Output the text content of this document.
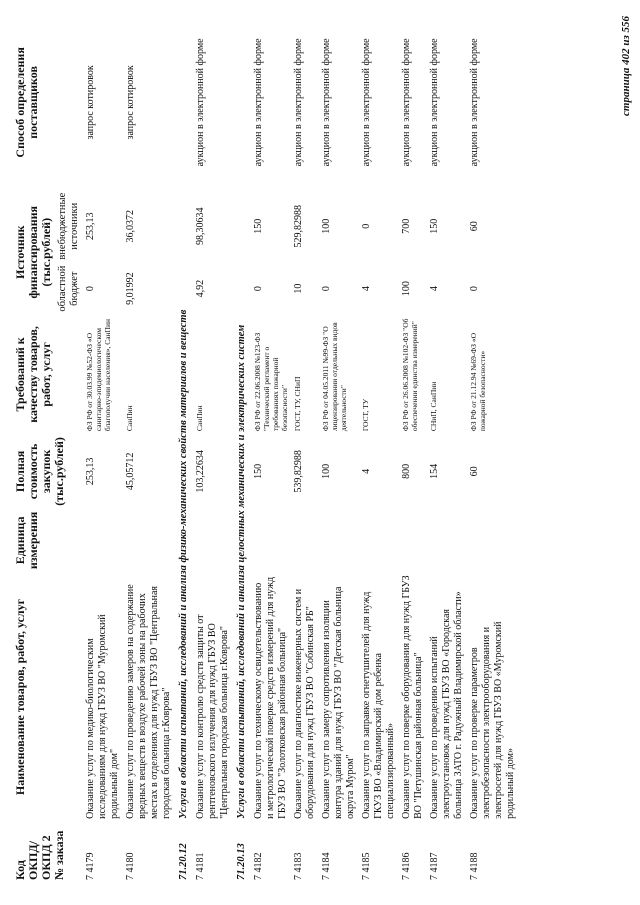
Код ОКПД/ ОКПД 2 № заказа	Наименование товаров, работ, услуг	Единица измерения	Полная стоимость закупок (тыс.рублей)	Требований к качеству товаров, работ, услуг	Источник финансирования (тыс.рублей)		Способ определения поставщиков
					областной бюджет	внебюджетные источники	
7 4179	Оказание услуг по медико-биологическим исследованиям для нужд ГБУЗ ВО "Муромский родильный дом"		253,13	ФЗ РФ от 30.03.99 №52-ФЗ «О санитарно-эпидемиологическом благополучии населения», СанПин	0	253,13	запрос котировок
7 4180	Оказание услуг по проведению замеров на содержание вредных веществ в воздухе рабочей зоны на рабочих местах в отделениях для нужд ГБУЗ ВО "Центральная городская больница г.Коврова"		45,05712	СанПин	9,01992	36,0372	запрос котировок
71.20.12	Услуги в области испытаний, исследований и анализа физико-механических свойств материалов и веществ						
7 4181	Оказание услуг по контролю средств защиты от рентгеновского излучения для нужд ГБУЗ ВО "Центральная городская больница г.Коврова"		103,22634	СанПин	4,92	98,30634	аукцион в электронной форме
71.20.13	Услуги в области испытаний, исследований и анализа целостных механических и электрических систем						
7 4182	Оказание услуг по техническому освидетельствованию и метрологической поверке средств измерений для нужд ГБУЗ ВО "Золотковская районная больница"		150	ФЗ РФ от 22.06.2008 №123-ФЗ "Технический регламент о требованиях пожарной безопасности"	0	150	аукцион в электронной форме
7 4183	Оказание услуг по диагностике инженерных систем и оборудования для нужд ГБУЗ ВО "Собинская РБ"		539,82988	ГОСТ, ТУ, СНиП	10	529,82988	аукцион в электронной форме
7 4184	Оказание услуг по замеру сопротивления изоляции контура зданий для нужд ГБУЗ ВО "Детская больница округа Муром"		100	ФЗ РФ от 04.05.2011 №99-ФЗ "О лицензировании отдельных видов деятельности"	0	100	аукцион в электронной форме
7 4185	Оказание услуг по заправке огнетушителей для нужд ГКУЗ ВО «Владимирский дом ребенка специализированный»		4	ГОСТ, ТУ	4	0	аукцион в электронной форме
7 4186	Оказание услуг по поверке оборудования для нужд ГБУЗ ВО "Петушинская районная больница"		800	ФЗ РФ от 26.06.2008 №102-ФЗ "Об обеспечении единства измерений"	100	700	аукцион в электронной форме
7 4187	Оказание услуг по проведению испытаний электроустановок для нужд ГБУЗ ВО «Городская больница ЗАТО г. Радужный Владимирской области»		154	СНиП, СанПин	4	150	аукцион в электронной форме
7 4188	Оказание услуг по проверке параметров электробезопасности электрооборудования и электросетей для нужд ГБУЗ ВО «Муромский родильный дом»		60	ФЗ РФ от 21.12.94 №69-ФЗ «О пожарной безопасности»	0	60	аукцион в электронной форме	страница 402 из 556
